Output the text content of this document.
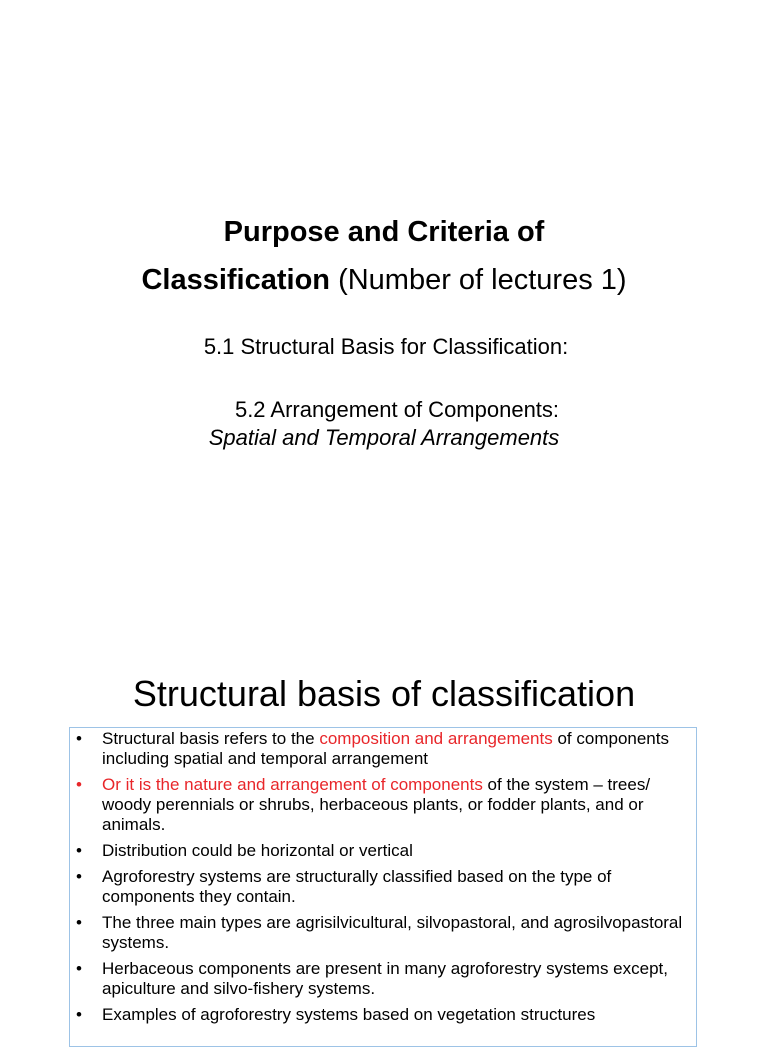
Purpose and Criteria of
Classification (Number of lectures 1)
5.1 Structural Basis for Classification:
5.2 Arrangement of Components:
Spatial and Temporal Arrangements
Structural basis of classification
• Structural basis refers to the composition and arrangements of components including spatial and temporal arrangement
• Or it is the nature and arrangement of components of the system – trees/ woody perennials or shrubs, herbaceous plants, or fodder plants, and or animals.
• Distribution could be horizontal or vertical
• Agroforestry systems are structurally classified based on the type of components they contain.
• The three main types are agrisilvicultural, silvopastoral, and agrosilvopastoral systems.
• Herbaceous components are present in many agroforestry systems except, apiculture and silvo-fishery systems.
• Examples of agroforestry systems based on vegetation structures
